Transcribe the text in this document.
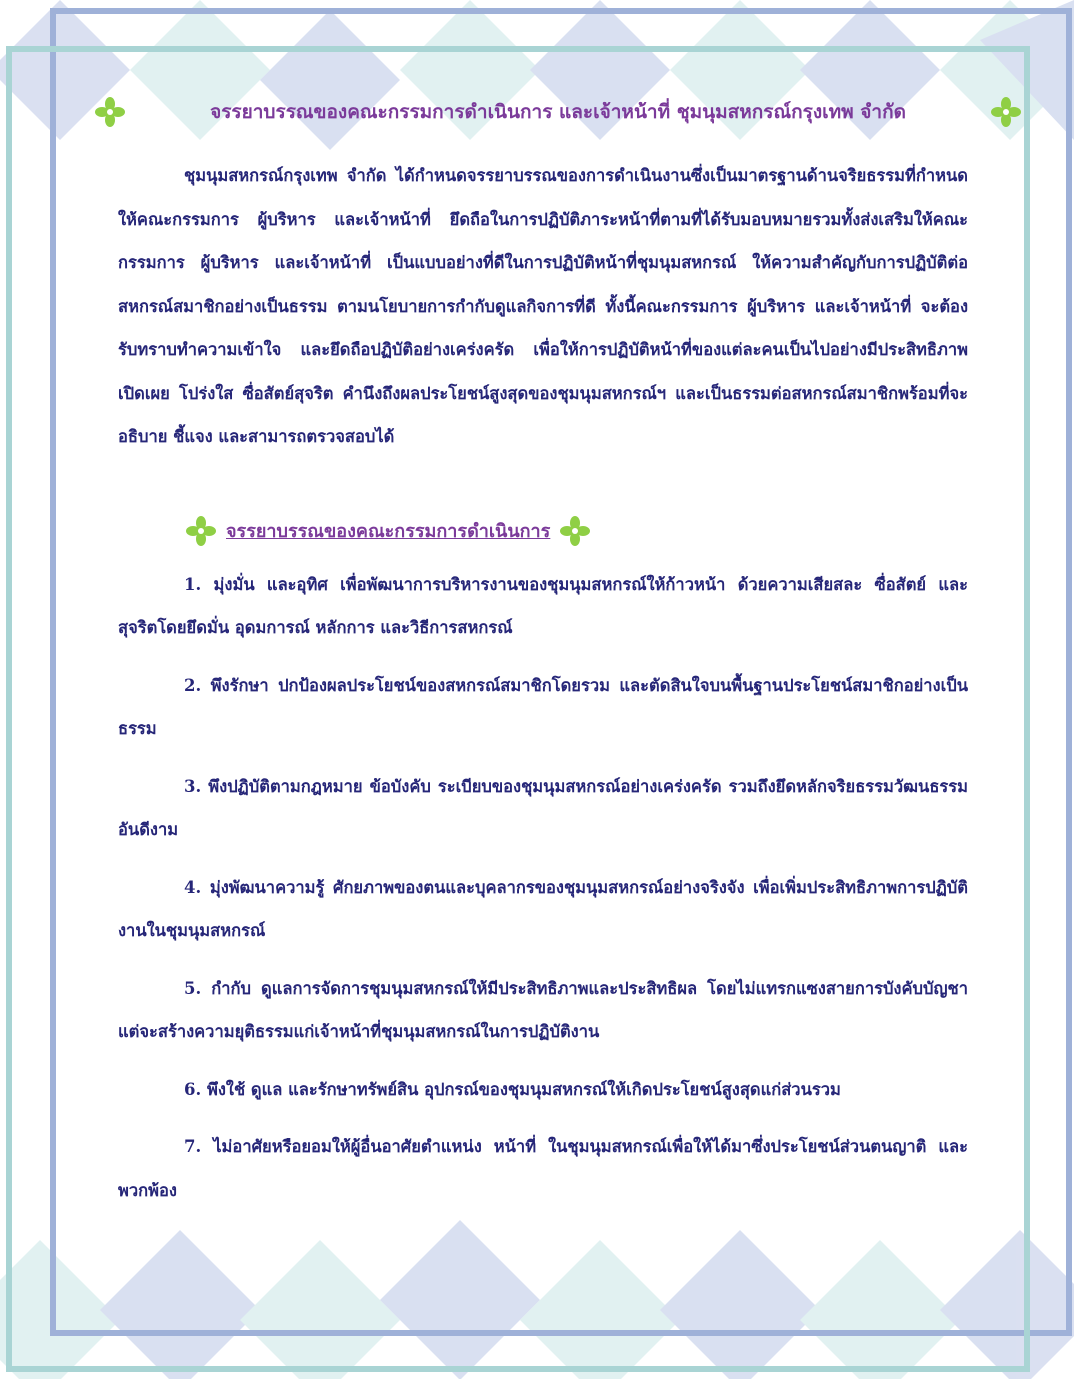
จรรยาบรรณของคณะกรรมการดำเนินการ และเจ้าหน้าที่ ชุมนุมสหกรณ์กรุงเทพ จำกัด

ชุมนุมสหกรณ์กรุงเทพ จำกัด ได้กำหนดจรรยาบรรณของการดำเนินงานซึ่งเป็นมาตรฐานด้านจริยธรรมที่กำหนดให้คณะกรรมการ ผู้บริหาร และเจ้าหน้าที่ ยึดถือในการปฏิบัติภาระหน้าที่ตามที่ได้รับมอบหมายรวมทั้งส่งเสริมให้คณะกรรมการ ผู้บริหาร และเจ้าหน้าที่ เป็นแบบอย่างที่ดีในการปฏิบัติหน้าที่ชุมนุมสหกรณ์ ให้ความสำคัญกับการปฏิบัติต่อสหกรณ์สมาชิกอย่างเป็นธรรม ตามนโยบายการกำกับดูแลกิจการที่ดี ทั้งนี้คณะกรรมการ ผู้บริหาร และเจ้าหน้าที่ จะต้องรับทราบทำความเข้าใจ และยึดถือปฏิบัติอย่างเคร่งครัด เพื่อให้การปฏิบัติหน้าที่ของแต่ละคนเป็นไปอย่างมีประสิทธิภาพ เปิดเผย โปร่งใส ซื่อสัตย์สุจริต คำนึงถึงผลประโยชน์สูงสุดของชุมนุมสหกรณ์ฯ และเป็นธรรมต่อสหกรณ์สมาชิกพร้อมที่จะอธิบาย ชี้แจง และสามารถตรวจสอบได้

จรรยาบรรณของคณะกรรมการดำเนินการ

1. มุ่งมั่น และอุทิศ เพื่อพัฒนาการบริหารงานของชุมนุมสหกรณ์ให้ก้าวหน้า ด้วยความเสียสละ ซื่อสัตย์ และ สุจริตโดยยึดมั่น อุดมการณ์ หลักการ และวิธีการสหกรณ์

2. พึงรักษา ปกป้องผลประโยชน์ของสหกรณ์สมาชิกโดยรวม และตัดสินใจบนพื้นฐานประโยชน์สมาชิกอย่างเป็นธรรม

3. พึงปฏิบัติตามกฎหมาย ข้อบังคับ ระเบียบของชุมนุมสหกรณ์อย่างเคร่งครัด รวมถึงยึดหลักจริยธรรมวัฒนธรรมอันดีงาม

4. มุ่งพัฒนาความรู้ ศักยภาพของตนและบุคลากรของชุมนุมสหกรณ์อย่างจริงจัง เพื่อเพิ่มประสิทธิภาพการปฏิบัติงานในชุมนุมสหกรณ์

5. กำกับ ดูแลการจัดการชุมนุมสหกรณ์ให้มีประสิทธิภาพและประสิทธิผล โดยไม่แทรกแซงสายการบังคับบัญชา แต่จะสร้างความยุติธรรมแก่เจ้าหน้าที่ชุมนุมสหกรณ์ในการปฏิบัติงาน

6. พึงใช้ ดูแล และรักษาทรัพย์สิน อุปกรณ์ของชุมนุมสหกรณ์ให้เกิดประโยชน์สูงสุดแก่ส่วนรวม

7. ไม่อาศัยหรือยอมให้ผู้อื่นอาศัยตำแหน่ง หน้าที่ ในชุมนุมสหกรณ์เพื่อให้ได้มาซึ่งประโยชน์ส่วนตนญาติ และพวกพ้อง
